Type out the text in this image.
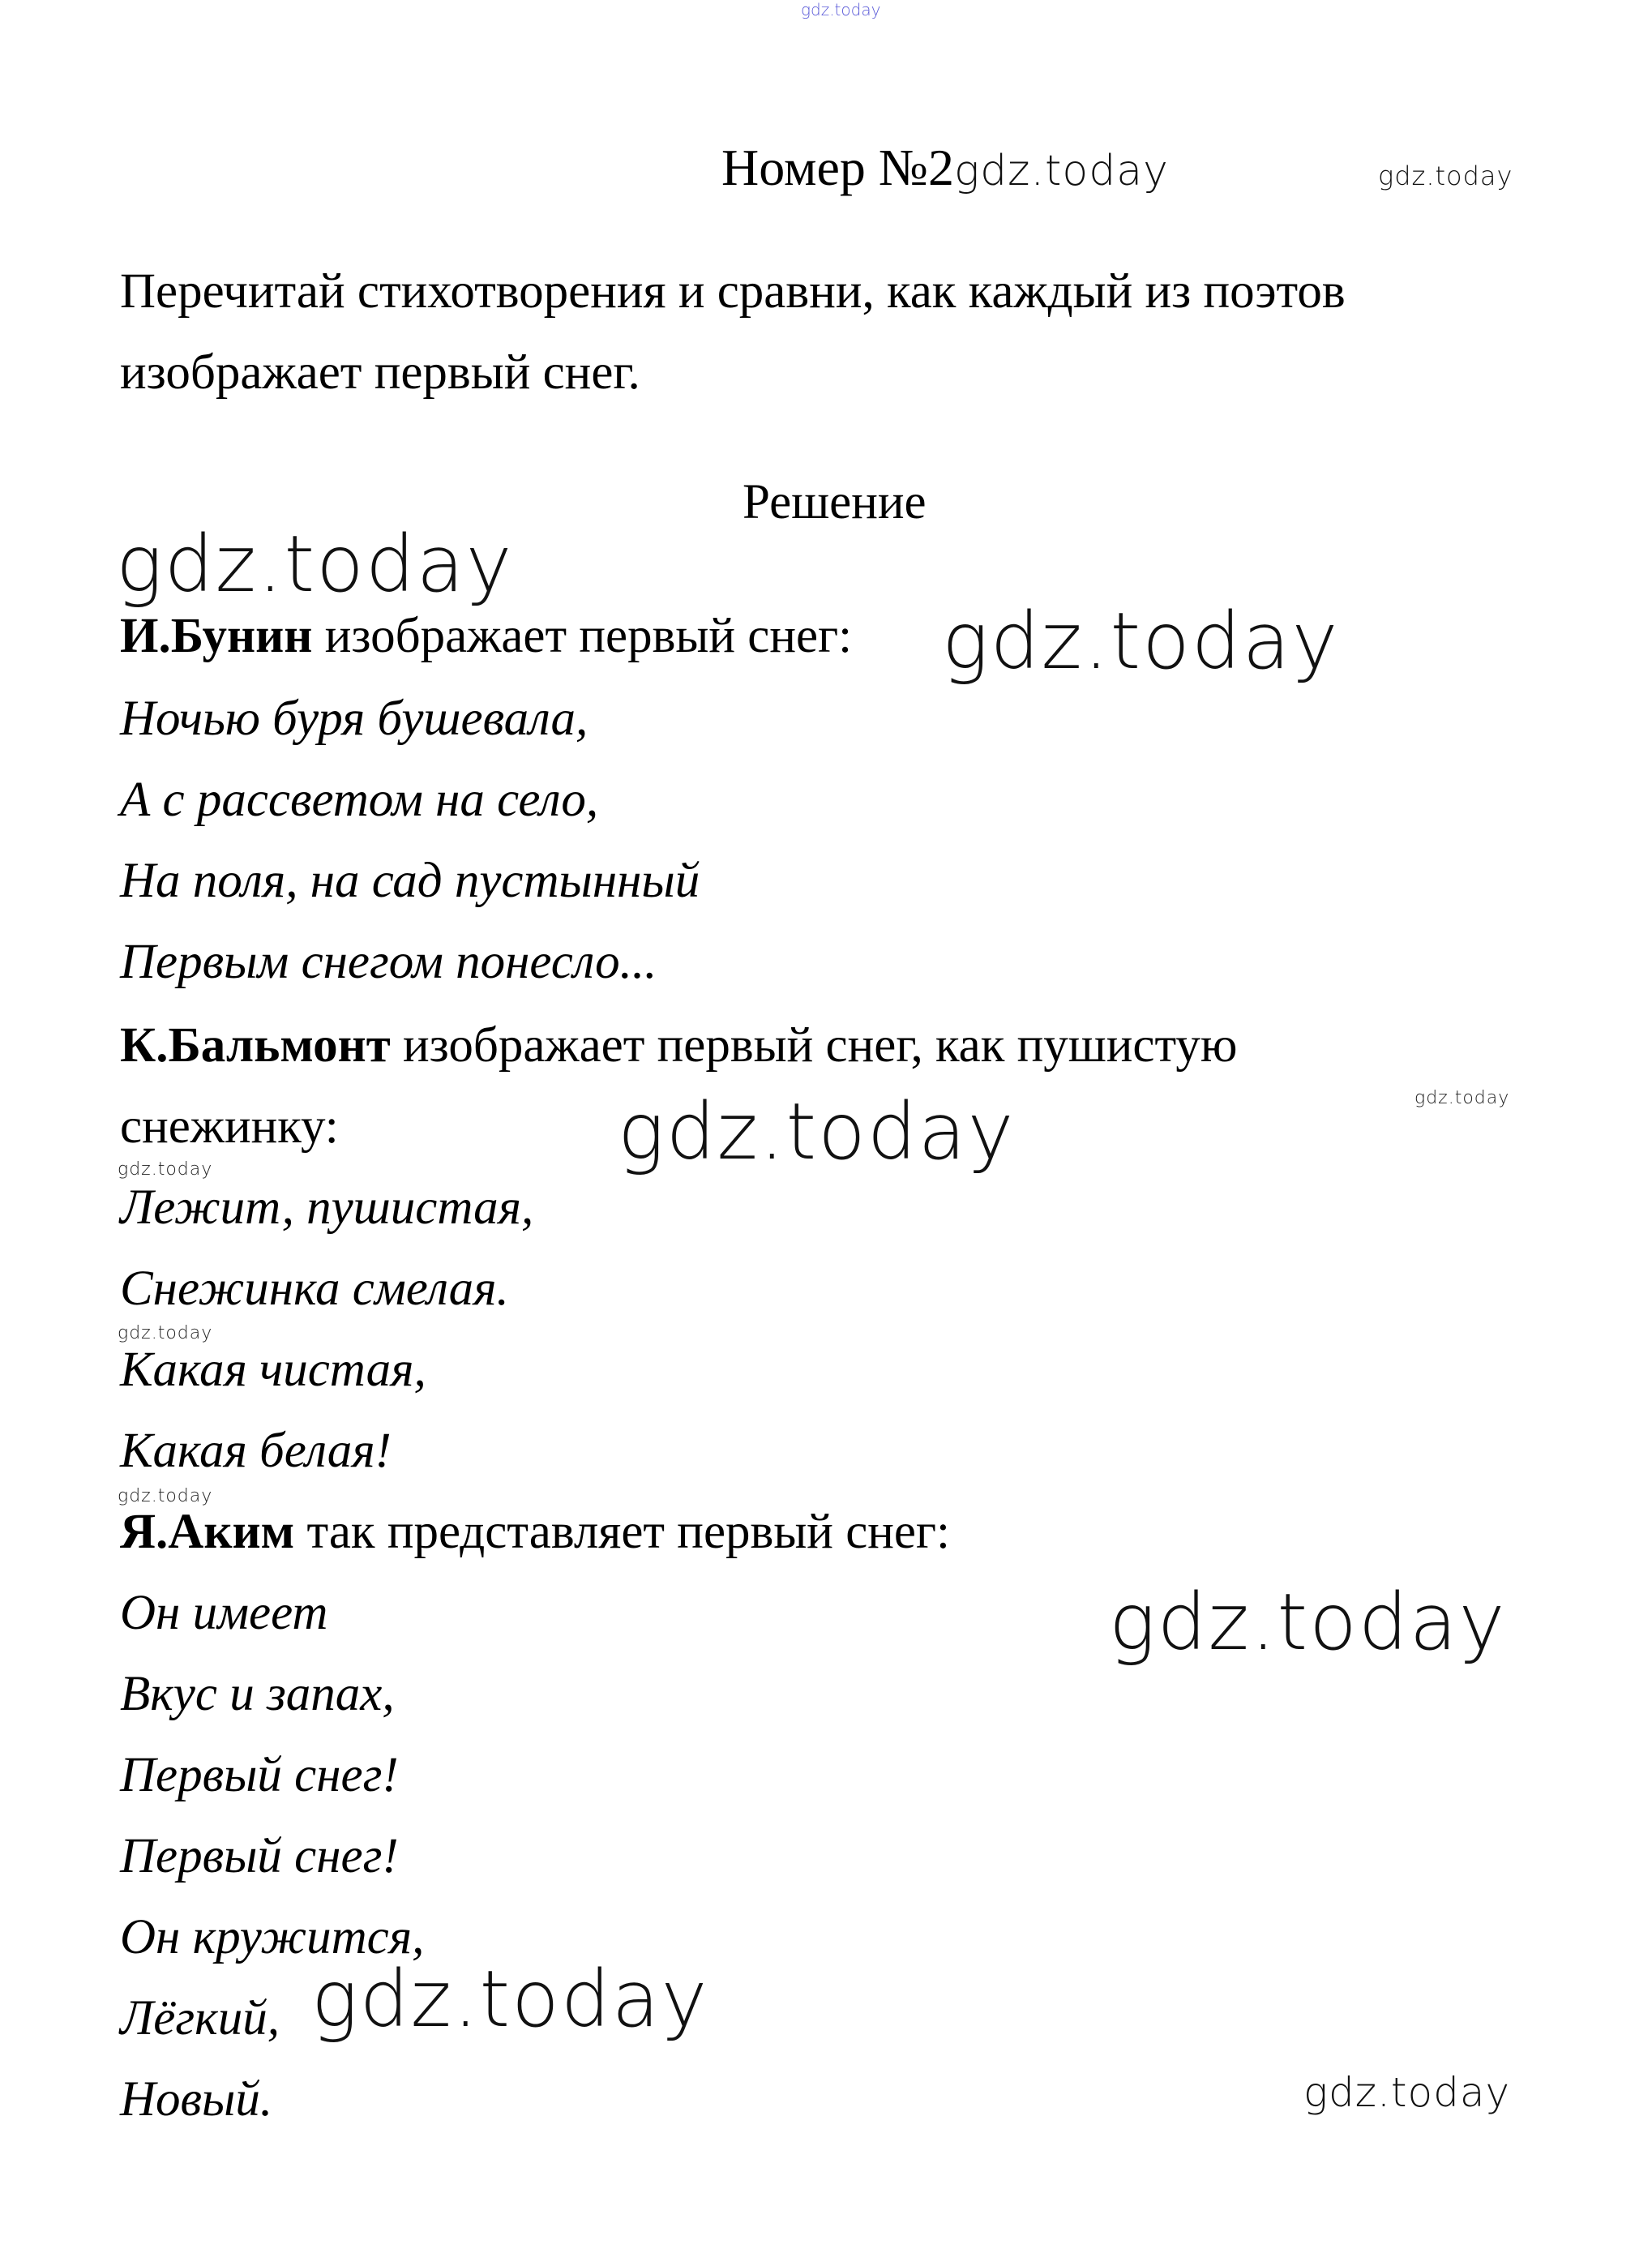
gdz.today
Номер №2gdz.today	gdz.today
Перечитай стихотворения и сравни, как каждый из поэтов
изображает первый снег.
Решение
gdz.today
И.Бунин изображает первый снег: gdz.today
Ночью буря бушевала,
А с рассветом на село,
На поля, на сад пустынный
Первым снегом понесло...
К.Бальмонт изображает первый снег, как пушистую
gdz.today
снежинку:	gdz.today
gdz.today
Лежит, пушистая,
Снежинка смелая.
gdz.today
Какая чистая,
Какая белая!
gdz.today
Я.Аким так представляет первый снег:
Он имеет	gdz.today
Вкус и запах,
Первый снег!
Первый снег!
Он кружится,
Лёгкий, gdz.today
Новый.	gdz.today
